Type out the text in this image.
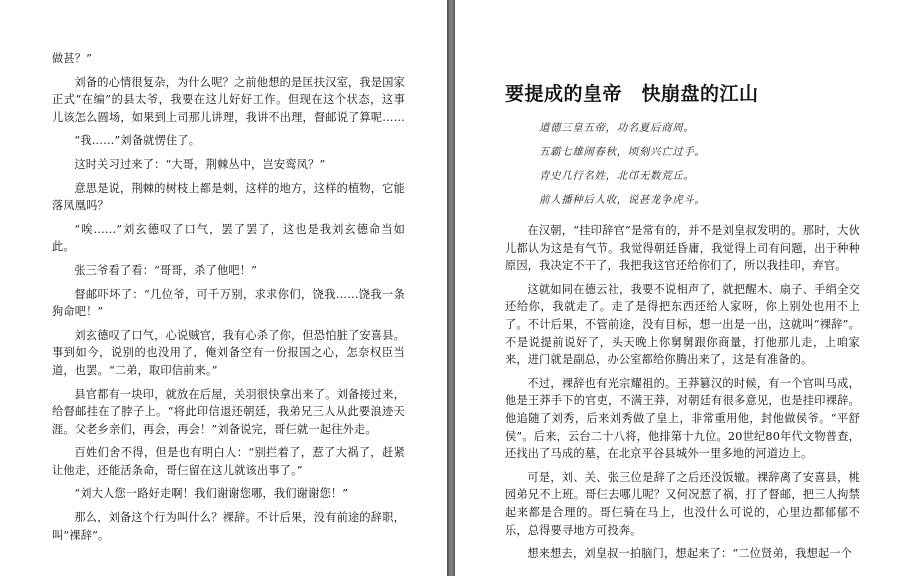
做甚？”

刘备的心情很复杂，为什么呢？之前他想的是匡扶汉室，我是国家正式“在编”的县太爷，我要在这儿好好工作。但现在这个状态，这事儿该怎么圆场，如果到上司那儿讲理，我讲不出理，督邮说了算呢……

“我……”刘备就愣住了。

这时关习过来了：“大哥，荆棘丛中，岂安鸾凤？”

意思是说，荆棘的树枝上都是刺，这样的地方，这样的植物，它能落凤凰吗？

“唉……”刘玄德叹了口气，罢了罢了，这也是我刘玄德命当如此。

张三爷看了看：“哥哥，杀了他吧！”

督邮吓坏了：“几位爷，可千万别，求求你们，饶我……饶我一条狗命吧！”

刘玄德叹了口气，心说贼官，我有心杀了你，但恐怕脏了安喜县。事到如今，说别的也没用了，俺刘备空有一份报国之心，怎奈权臣当道，也罢。“二弟，取印信前来。”

县官都有一块印，就放在后屋，关羽很快拿出来了。刘备接过来，给督邮挂在了脖子上。“将此印信退还朝廷，我弟兄三人从此要浪迹天涯。父老乡亲们，再会，再会！”刘备说完，哥仨就一起往外走。

百姓们舍不得，但是也有明白人：“别拦着了，惹了大祸了，赶紧让他走，还能活条命，哥仨留在这儿就该出事了。”

“刘大人您一路好走啊！我们谢谢您哪，我们谢谢您！”

那么，刘备这个行为叫什么？裸辞。不计后果，没有前途的辞职，叫“裸辞”。

要提成的皇帝　快崩盘的江山
道德三皇五帝，功名夏后商周。
五霸七雄闹春秋，顷刻兴亡过手。
青史几行名姓，北邙无数荒丘。
前人播种后人收，说甚龙争虎斗。

在汉朝，“挂印辞官”是常有的，并不是刘皇叔发明的。那时，大伙儿都认为这是有气节。我觉得朝廷昏庸，我觉得上司有问题，出于种种原因，我决定不干了，我把我这官还给你们了，所以我挂印，弃官。

这就如同在德云社，我要不说相声了，就把醒木、扇子、手绢全交还给你，我就走了。走了是得把东西还给人家呀，你上别处也用不上了。不计后果，不管前途，没有目标，想一出是一出，这就叫“裸辞”。不是说提前说好了，头天晚上你舅舅跟你商量，打他那儿走，上咱家来，进门就是副总，办公室都给你腾出来了，这是有准备的。

不过，裸辞也有光宗耀祖的。王莽篡汉的时候，有一个官叫马成，他是王莽手下的官吏，不满王莽，对朝廷有很多意见，也是挂印裸辞。他追随了刘秀，后来刘秀做了皇上，非常重用他，封他做侯爷。“平舒侯”。后来，云台二十八将，他排第十九位。20世纪80年代文物普查，还找出了马成的墓，在北京平谷县城外一里多地的河道边上。

可是，刘、关、张三位是辞了之后还没饭辙。裸辞离了安喜县，桃园弟兄不上班。哥仨去哪儿呢？又何况惹了祸，打了督邮，把三人拘禁起来都是合理的。哥仨骑在马上，也没什么可说的，心里边都郁郁不乐，总得要寻地方可投奔。

想来想去，刘皇叔一拍脑门，想起来了：“二位贤弟，我想起一个
